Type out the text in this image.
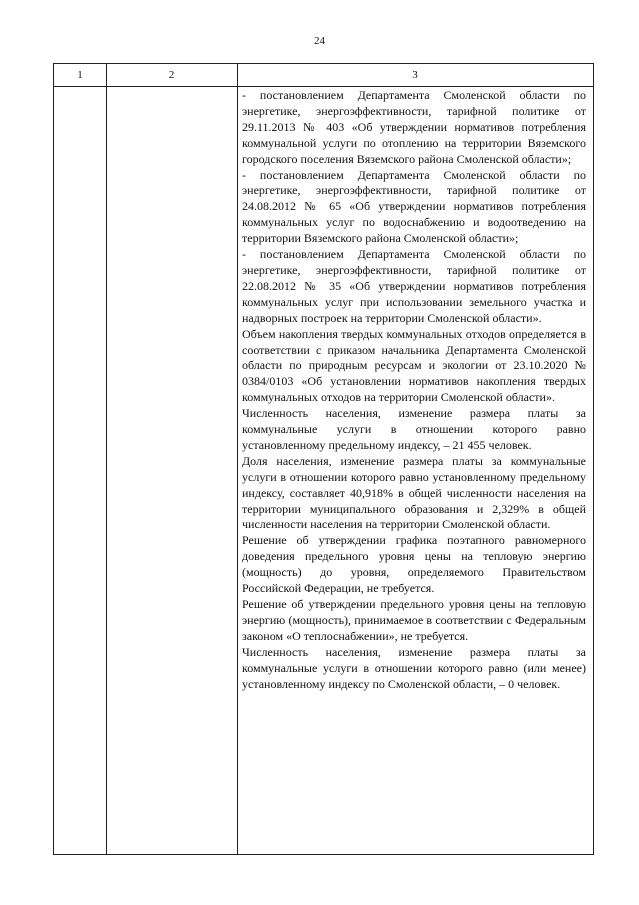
24
1	2	3

- постановлением Департамента Смоленской области по энергетике, энергоэффективности, тарифной политике от 29.11.2013 № 403 «Об утверждении нормативов потребления коммунальной услуги по отоплению на территории Вяземского городского поселения Вяземского района Смоленской области»;

- постановлением Департамента Смоленской области по энергетике, энергоэффективности, тарифной политике от 24.08.2012 № 65 «Об утверждении нормативов потребления коммунальных услуг по водоснабжению и водоотведению на территории Вяземского района Смоленской области»;

- постановлением Департамента Смоленской области по энергетике, энергоэффективности, тарифной политике от 22.08.2012 № 35 «Об утверждении нормативов потребления коммунальных услуг при использовании земельного участка и надворных построек на территории Смоленской области».

Объем накопления твердых коммунальных отходов определяется в соответствии с приказом начальника Департамента Смоленской области по природным ресурсам и экологии от 23.10.2020 № 0384/0103 «Об установлении нормативов накопления твердых коммунальных отходов на территории Смоленской области».

Численность населения, изменение размера платы за коммунальные услуги в отношении которого равно установленному предельному индексу, – 21 455 человек.

Доля населения, изменение размера платы за коммунальные услуги в отношении которого равно установленному предельному индексу, составляет 40,918% в общей численности населения на территории муниципального образования и 2,329% в общей численности населения на территории Смоленской области.

Решение об утверждении графика поэтапного равномерного доведения предельного уровня цены на тепловую энергию (мощность) до уровня, определяемого Правительством Российской Федерации, не требуется.

Решение об утверждении предельного уровня цены на тепловую энергию (мощность), принимаемое в соответствии с Федеральным законом «О теплоснабжении», не требуется.

Численность населения, изменение размера платы за коммунальные услуги в отношении которого равно (или менее) установленному индексу по Смоленской области, – 0 человек.
